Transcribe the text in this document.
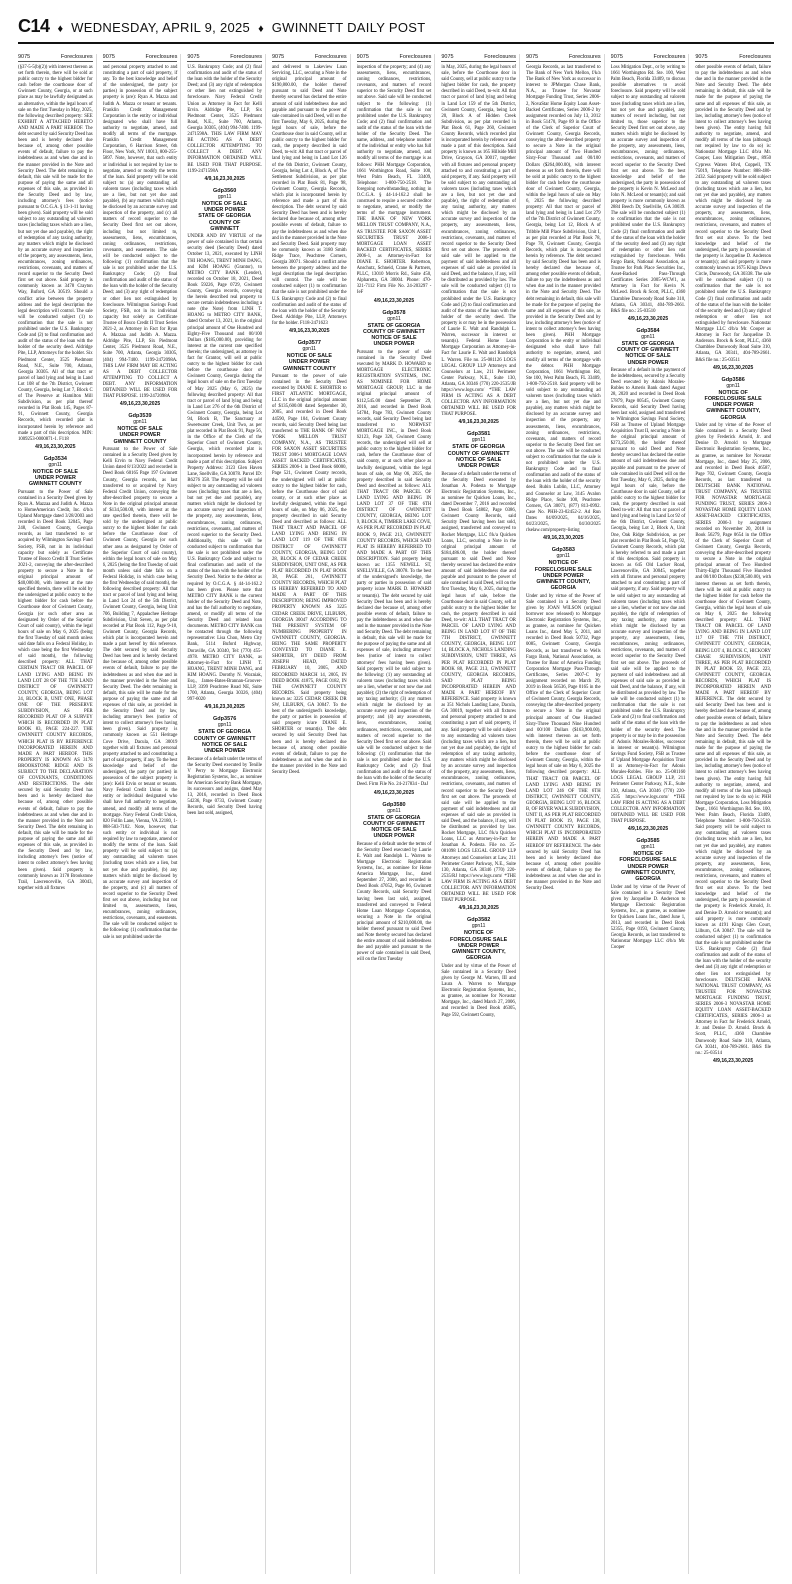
C14 ♦ WEDNESDAY, APRIL 9, 2025 ♦ GWINNETT DAILY POST
9075	Foreclosures

(§37-5-5(b)(2)) with interest thereon as set forth therein, there will be sold at public outcry to the highest bidder for cash before the courthouse door of Gwinnett County, Georgia, or at such place as may be lawfully designated as an alternative, within the legal hours of sale on the first Tuesday in May, 2025, the following described property: SEE EXHIBIT A ATTACHED HERETO AND MADE A PART HEREOF. The debt secured by said Security Deed has been and is hereby declared due because of, among other possible events of default, failure to pay the indebtedness as and when due and in the manner provided in the Note and Security Deed. The debt remaining in default, this sale will be made for the purpose of paying the same and all expenses of this sale, as provided in the Security Deed and by law, including attorney's fees (notice pursuant to O.C.G.A. § 13-1-11 having been given). Said property will be sold subject to any outstanding ad valorem taxes (including taxes which are a lien, but not yet due and payable), the right of redemption of any taxing authority, any matters which might be disclosed by an accurate survey and inspection of the property, any assessments, liens, encumbrances, zoning ordinances, restrictions, covenants, and matters of record superior to the Security Deed first set out above. Said property is commonly known as 3478 Crayton Way, Buford, GA 30519. Should a conflict arise between the property address and the legal description the legal description will control. The sale will be conducted subject (1) to confirmation that the sale is not prohibited under the U.S. Bankruptcy Code and (2) to final confirmation and audit of the status of the loan with the holder of the security deed. Aldridge Pite, LLP, Attorneys for the holder. Six Piedmont Center, 3525 Piedmont Road, N.E., Suite 700, Atlanta, Georgia 30305. All of that tract or parcel of land lying and being in Land Lot 108 of the 7th District, Gwinnett County, Georgia, being Lot 7, Block C of The Preserve at Hamilton Mill Subdivision, as per plat thereof recorded in Plat Book 145, Pages 87-91, Gwinnett County, Georgia Records, which recorded plat is incorporated herein by reference and made a part of this description. MIN: 1009253-0000871-1. F118

4/9,16,23,30,2025
Gdp3534
gpn11
NOTICE OF SALE
UNDER POWER
GWINNETT COUNTY

Pursuant to the Power of Sale contained in a Security Deed given by Ryan A. Mazzaa and Judith A. Mazza to HomeAmerican Credit, Inc. d/b/a Upland Mortgage dated 3/28/2003 and recorded in Deed Book 32045, Page 248, Gwinnett County, Georgia records, as last transferred to or acquired by Wilmington Savings Fund Society, FSB, not in its individual capacity but solely as Certificate Trustee of Bosco Credit II Trust Series 2021-2, conveying the after-described property to secure a Note in the original principal amount of $40,000.00, with interest at the rate specified therein, there will be sold by the undersigned at public outcry to the highest bidder for cash before the Courthouse door of Gwinnett County, Georgia (or such other area as designated by Order of the Superior Court of said county), within the legal hours of sale on May 6, 2025 (being the first Tuesday of said month unless said date falls on a Federal Holiday, in which case being the first Wednesday of said month), the following described property: ALL THAT CERTAIN TRACT OR PARCEL OF LAND LYING AND BEING IN LAND LOT 28 OF THE 7TH LAND DISTRICT OF GWINNETT COUNTY, GEORGIA, BEING LOT 24, BLOCK B, UNIT ONE, PHASE ONE OF THE PRESERVE SUBDIVISION, AS PER RECORDED PLAT OF A SURVEY WHICH IS RECORDED IN PLAT BOOK 83, PAGE 224-227. THE GWINNETT COUNTY RECORDS, WHICH PLAT IS BY REFERENCE INCORPORATED HEREIN AND MADE A PART HEREOF. THIS PROPERTY IS KNOWN AS 3178 BROOKSTONE RIDGE AND IS SUBJECT TO THE DECLARATION OF COVENANTS, CONDITIONS AND RESTRICTIONS. The debt secured by said Security Deed has been and is hereby declared due because of, among other possible events of default, failure to pay the indebtedness as and when due and in the manner provided in the Note and Security Deed. The debt remaining in default, this sale will be made for the purpose of paying the same and all expenses of this sale, as provided in the Security Deed and by law, including attorney's fees (notice of intent to collect attorney's fees having been given). Said property is commonly known as 3178 Brookstone Trail, Lawrenceville, GA 30043, together with all fixtures

9075	Foreclosures

and personal property attached to and constituting a part of said property, if any. To the best knowledge and belief of the undersigned, the party (or parties) in possession of the subject property is (are): Ryan A. Mazza and Judith A. Mazza or tenant or tenants. Franklin Credit Management Corporation is the entity or individual designated who shall have full authority to negotiate, amend, and modify all terms of the mortgage. Franklin Credit Management Corporation, 6 Harrison Street, 6th Floor, New York, NY 10013, 800-255-5897. Note, however, that such entity or individual is not required by law to negotiate, amend or modify the terms of the loan. Said property will be sold subject to: (a) any outstanding ad valorem taxes (including taxes which are a lien, but not yet due and payable), (b) any matters which might be disclosed by an accurate survey and inspection of the property, and (c) all matters of record superior to the Security Deed first set out above, including but not limited to, assessments, liens, encumbrances, zoning ordinances, restrictions, covenants, and easements. The sale will be conducted subject to the following: (1) confirmation that the sale is not prohibited under the U.S. Bankruptcy Code; (2) final confirmation and audit of the status of the loan with the holder of the Security Deed; and (3) any right of redemption or other lien not extinguished by foreclosure. Wilmington Savings Fund Society, FSB, not in its individual capacity but solely as Certificate Trustee of Bosco Credit II Trust Series 2021-2, as Attorney in Fact for Ryan A. Mazzaa and Judith A. Mazza. Aldridge Pite, LLP, Six Piedmont Center, 3525 Piedmont Road, N.E., Suite 700, Atlanta, Georgia 30305, (404) 994-7400. 1199-2472098A. THIS LAW FIRM MAY BE ACTING AS A DEBT COLLECTOR ATTEMPTING TO COLLECT A DEBT. ANY INFORMATION OBTAINED WILL BE USED FOR THAT PURPOSE. 1199-2472098A

4/9,16,23,30,2025
Gdp3539
gpn11
NOTICE OF SALE
UNDER POWER
GWINNETT COUNTY

Pursuant to the Power of Sale contained in a Security Deed given by Kelli Ervin to Navy Federal Credit Union dated 8/13/2022 and recorded in Deed Book 60165 Page 197 Gwinnett County, Georgia records, as last transferred to or acquired by Navy Federal Credit Union, conveying the after-described property to secure a Note in the original principal amount of $134,500.00, with interest at the rate specified therein, there will be sold by the undersigned at public outcry to the highest bidder for cash before the Courthouse door of Gwinnett County, Georgia (or such other area as designated by Order of the Superior Court of said county), within the legal hours of sale on May 6, 2025 (being the first Tuesday of said month unless said date falls on a Federal Holiday, in which case being the first Wednesday of said month), the following described property: All that tract or parcel of land lying and being in Land Lot 24 of the 5th District, Gwinnett County, Georgia, being Unit 706, Building 7, Appalachee Heritage Subdivision, Unit Seven, as per plat recorded at Plat Book 112, Page 9-10, Gwinnett County, Georgia Records, which plat is incorporated herein and made a part hereof by this reference. The debt secured by said Security Deed has been and is hereby declared due because of, among other possible events of default, failure to pay the indebtedness as and when due and in the manner provided in the Note and Security Deed. The debt remaining in default, this sale will be made for the purpose of paying the same and all expenses of this sale, as provided in the Security Deed and by law, including attorney's fees (notice of intent to collect attorney's fees having been given). Said property is commonly known as 551 Heritage Cove Drive, Dacula, GA 30019 together with all fixtures and personal property attached to and constituting a part of said property, if any. To the best knowledge and belief of the undersigned, the party (or parties) in possession of the subject property is (are): Kelli Ervin or tenant or tenants. Navy Federal Credit Union is the entity or individual designated who shall have full authority to negotiate, amend, and modify all terms of the mortgage. Navy Federal Credit Union, 820 Follin Lane, Vienna, VA 22180, 1-888-503-7102. Note, however, that such entity or individual is not required by law to negotiate, amend or modify the terms of the loan. Said property will be sold subject to: (a) any outstanding ad valorem taxes (including taxes which are a lien, but not yet due and payable), (b) any matters which might be disclosed by an accurate survey and inspection of the property, and (c) all matters of record superior to the Security Deed first set out above, including but not limited to, assessments, liens, encumbrances, zoning ordinances, restrictions, covenants, and easements. The sale will be conducted subject to the following: (1) confirmation that the sale is not prohibited under the

9075	Foreclosures

U.S. Bankruptcy Code; and (2) final confirmation and audit of the status of the loan with the holder of the Security Deed; and (3) any right of redemption or other lien not extinguished by foreclosure. Navy Federal Credit Union as Attorney in Fact for Kelli Ervin. Aldridge Pite, LLP, Six Piedmont Center, 3525 Piedmont Road, N.E., Suite 700, Atlanta, Georgia 30305, (404) 994-7400. 1199-2471598A. THIS LAW FIRM MAY BE ACTING AS A DEBT COLLECTOR ATTEMPTING TO COLLECT A DEBT. ANY INFORMATION OBTAINED WILL BE USED FOR THAT PURPOSE. 1199-2471598A

4/9,16,23,30,2025
Gdp3560
gpn11
NOTICE OF SALE
UNDER POWER
STATE OF GEORGIA
COUNTY OF
GWINNETT

UNDER AND BY VIRTUE of the power of sale contained in that certain security deed (Security Deed) dated October 13, 2021, executed by LINH THI HOANG, TRENT MINH DANG, and KIM HOANG (Grantor), to METRO CITY BANK (Lender), recorded on October 18, 2021, Deed Book 59226, Page 0729, Gwinnett County, Georgia records, conveying the herein described real property to secure certain indebtedness including a note (the Note) from LINH T. HOANG to METRO CITY BANK, dated October 13, 2021, in the original principal amount of One Hundred and Eighty-Five Thousand and 00/100 Dollars ($185,000.00), providing for interest at the current rate specified therein; the undersigned, as attorney in fact for Grantor, will sell at public outcry to the highest bidder for cash before the courthouse door of Gwinnett County, Georgia during the legal hours of sale on the first Tuesday of May 2025 (May 6, 2025) the following described property: All that tract or parcel of land lying and being in Land Lot 276 of the 6th District of Gwinnett County, Georgia, being Lot 94, Block B, The Sanctuary at Sweetwater Creek, Unit Two, as per plat recorded in Plat Book 91, Page 56, in the Office of the Clerk of the Superior Court of Gwinnett County, Georgia, which recorded plat is incorporated herein by reference and made a part of this description. Subject Property Address: 3123 Glen Haven Lane, Snellville, GA 30078. Parcel ID: R6276 358. The Property will be sold subject to any outstanding ad valorem taxes (including taxes that are a lien, but not yet due and payable), any matters which might be disclosed by an accurate survey and inspection of the property, any assessments, liens, encumbrances, zoning ordinances, restrictions, covenants, and matters of record superior to the Security Deed. Additionally, this sale will be conducted subject to confirmation that the sale is not prohibited under the U.S. Bankruptcy Code and subject to final confirmation and audit of the status of the loan with the holder of the Security Deed. Notice to the debtor as required by O.C.G.A. § 44-14-162.2 has been given. Please note that METRO CITY BANK is the current holder of the Security Deed and Note, and has the full authority to negotiate, amend, or modify all terms of the Security Deed and related loan documents. METRO CITY BANK can be contacted through the following representative: Lisa Chon, Metro City Bank, 5114 Buford Highway, Doraville, GA 30340, Tel: (770) 455-4978. METRO CITY BANK, as Attorney-in-Fact for LINH T. HOANG, TRENT MINH DANG, and KIM HOANG. Dorothy N. Wozniak, Esq., James-Bates-Brannan-Groover-LLP, 3399 Peachtree Road NE, Suite 1700, Atlanta, Georgia 30326, (404) 997-6020

4/9,16,23,30,2025
Gdp3576
gpn11
STATE OF GEORGIA
COUNTY OF GWINNETT
NOTICE OF SALE
UNDER POWER

Because of a default under the terms of the Security Deed executed by Tenille V Perry to Mortgage Electronic Registration Systems, Inc., as nominee for American Security Bank Mortgage, its successors and assigns, dated May 13, 2016, recorded in Deed Book 54236, Page 0733, Gwinnett County Records, said Security Deed having been last sold, assigned,

9075	Foreclosures

and delivered to Lakeview Loan Servicing, LLC, securing a Note in the original principal amount of $190,800.00, the holder thereof pursuant to said Deed and Note thereby secured has declared the entire amount of said indebtedness due and payable and pursuant to the power of sale contained in said Deed, will on the first Tuesday, May 6, 2025, during the legal hours of sale, before the Courthouse door in said County, sell at public outcry to the highest bidder for cash, the property described in said Deed, to-wit: All that tract or parcel of land lying and being in Land Lot 126 of the 6th District, Gwinnett County, Georgia, being Lot 4, Block A, of The Settlement Subdivision, as per plat recorded in Plat Book 81, Page 98, Gwinnett County, Georgia Records, which plat is incorporated herein by reference and made a part of this description. The debt secured by said Security Deed has been and is hereby declared due because of, among other possible events of default, failure to pay the indebtedness as and when due and in the manner provided in the Note and Security Deed. Said property may be commonly known as 3180 Smith Ridge Trace, Peachtree Corners, Georgia 30071. Should a conflict arise between the property address and the legal description the legal description will control. The sale will be conducted subject (1) to confirmation that the sale is not prohibited under the U.S. Bankruptcy Code and (2) to final confirmation and audit of the status of the loan with the holder of the Security Deed. Aldridge Pite, LLP, Attorneys for the holder. F118-2471623

4/9,16,23,30,2025
Gdp3577
gpn11
NOTICE OF SALE
UNDER POWER
GWINNETT COUNTY

Pursuant to the power of sale contained in the Security Deed executed by DIANE E. SHORTER to FIRST ATLANTIC MORTGAGE, LLC in the original principal amount of $135,600.00 dated September 30, 2005, and recorded in Deed Book 44590, Page 104, Gwinnett County records, said Security Deed being last transferred to THE BANK OF NEW YORK MELLON TRUST COMPANY, N.A., AS TRUSTEE FOR SAXON ASSET SECURITIES TRUST 2006-1 MORTGAGE LOAN ASSET BACKED CERTIFICATES, SERIES 2006-1 in Deed Book 60000, Page 521, Gwinnett County records, the undersigned will sell at public outcry to the highest bidder for cash, before the Courthouse door of said county, or at such other place as lawfully designated, within the legal hours of sale, on May 06, 2025, the property described in said Security Deed and described as follows: ALL THAT TRACT AND PARCEL OF LAND LYING AND BEING IN LAND LOT 119 OF THE 6TH DISTRICT OF GWINNETT COUNTY, GEORGIA, BEING LOT 28, BLOCK A OF CEDAR CREEK SUBDIVISION, UNIT ONE, AS PER PLAT RECORDED IN PLAT BOOK 38, PAGE 261, GWINNETT COUNTY RECORDS, WHICH PLAT IS HEREBY REFERRED TO AND MADE A PART OF THIS DESCRIPTION; BEING IMPROVED PROPERTY KNOWN AS 3225 CEDAR CREEK DRIVE, LILBURN, GEORGIA 30047 ACCORDING TO THE PRESENT SYSTEM OF NUMBERING PROPERTY IN GWINNETT COUNTY, GEORGIA. BEING THE SAME PROPERTY CONVEYED TO DIANE E. SHORTER, BY DEED FROM JOSEPH HEAD, DATED FEBRUARY 10, 2005, AND RECORDED MARCH 14, 2005, IN DEED BOOK 41875, PAGE 0182, IN THE GWINNETT COUNTY RECORDS. Said property being known as: 3225 CEDAR CREEK DR SW, LILBURN, GA 30047. To the best of the undersigned's knowledge, the party or parties in possession of said property is/are DIANE E. SHORTER or tenant(s). The debt secured by said Security Deed has been and is hereby declared due because of, among other possible events of default, failure to pay the indebtedness as and when due and in the manner provided in the Note and Security Deed.

9075	Foreclosures

inspection of the property; and (4) any assessments, liens, encumbrances, zoning ordinances, restrictions, covenants, and matters of record superior to the Security Deed first set out above. Said sale will be conducted subject to the following: (1) confirmation that the sale is not prohibited under the U.S. Bankruptcy Code; and (2) final confirmation and audit of the status of the loan with the holder of the Security Deed. The name, address, and telephone number of the individual or entity who has full authority to negotiate, amend, and modify all terms of the mortgage is as follows: PHH Mortgage Corporation, 1661 Worthington Road, Suite 100, West Palm Beach, FL 33409, Telephone: 1-800-750-2518. The foregoing notwithstanding, nothing in O.C.G.A. § 44-14-162.2 shall be construed to require a secured creditor to negotiate, amend, or modify the terms of the mortgage instrument. THE BANK OF NEW YORK MELLON TRUST COMPANY, N.A., AS TRUSTEE FOR SAXON ASSET SECURITIES TRUST 2006-1 MORTGAGE LOAN ASSET BACKED CERTIFICATES, SERIES 2006-1, as Attorney-in-Fact for DIANE E. SHORTER. Robertson, Anschutz, Schneid, Crane & Partners, PLLC, 13010 Morris Rd., Suite 450, Alpharetta, GA 30004. Phone: 470-321-7112 Firm File No. 24-203297 - JeF

4/9,16,23,30,2025
Gdp3578
gpn11
STATE OF GEORGIA
COUNTY OF GWINNETT
NOTICE OF SALE
UNDER POWER

Pursuant to the power of sale contained in the Security Deed executed by MARK D. HOWARD to MORTGAGE ELECTRONIC REGISTRATION SYSTEMS, INC. AS NOMINEE FOR HOME MORTGAGE GROUP, LLC in the original principal amount of $112,545.00 dated September 29, 2016, and recorded in Deed Book 54784, Page 783, Gwinnett County records, said Security Deed being last transferred to NORWEST MORTGAGE INC., in Deed Book 62123, Page 320, Gwinnett County records, the undersigned will sell at public outcry to the highest bidder for cash, before the Courthouse door of said county, or at such other place as lawfully designated, within the legal hours of sale, on May 06, 2025, the property described in said Security Deed and described as follows: ALL THAT TRACT OR PARCEL OF LAND LYING AND BEING IN LAND LOT 37 OF THE 6TH DISTRICT OF GWINNETT COUNTY, GEORGIA, BEING LOT 9, BLOCK A, TIMBER LAKE COVE, AS PER PLAT RECORDED IN PLAT BOOK 9, PAGE 213, GWINNETT COUNTY RECORDS, WHICH SAID PLAT IS HEREBY REFERRED TO AND MADE A PART OF THIS DESCRIPTION. Said property being known as: 1355 NEWELL ST, SNELLVILLE, GA 30078. To the best of the undersigned's knowledge, the party or parties in possession of said property is/are MARK D. HOWARD or tenant(s). The debt secured by said Security Deed has been and is hereby declared due because of, among other possible events of default, failure to pay the indebtedness as and when due and in the manner provided in the Note and Security Deed. The debt remaining in default, this sale will be made for the purpose of paying the same and all expenses of sale, including attorneys' fees (notice of intent to collect attorneys' fees having been given). Said property will be sold subject to the following: (1) any outstanding ad valorem taxes (including taxes which are a lien, whether or not now due and payable); (2) the right of redemption of any taxing authority; (3) any matters which might be disclosed by an accurate survey and inspection of the property; and (4) any assessments, liens, encumbrances, zoning ordinances, restrictions, covenants, and matters of record superior to the Security Deed first set out above. Said sale will be conducted subject to the following: (1) confirmation that the sale is not prohibited under the U.S. Bankruptcy Code; and (2) final confirmation and audit of the status of the loan with the holder of the Security Deed. Firm File No. 24-217834 - DaJ

4/9,16,23,30,2025
Gdp3580
gpn11
STATE OF GEORGIA
COUNTY OF GWINNETT
NOTICE OF SALE
UNDER POWER

Because of a default under the terms of the Security Deed executed by Laurie E. Walt and Randolph L. Warren to Mortgage Electronic Registration Systems, Inc., as nominee for Home America Mortgage, Inc., dated September 27, 2006, and recorded in Deed Book 47052, Page 86, Gwinnett County Records, said Security Deed having been last sold, assigned, transferred and conveyed to Federal Home Loan Mortgage Corporation, securing a Note in the original principal amount of $210,000.00, the holder thereof pursuant to said Deed and Note thereby secured has declared the entire amount of said indebtedness due and payable and pursuant to the power of sale contained in said Deed, will on the first Tuesday

9075	Foreclosures

in May, 2025, during the legal hours of sale, before the Courthouse door in said County, sell at public outcry to the highest bidder for cash, the property described in said Deed, to-wit: All that tract or parcel of land lying and being in Land Lot 159 of the 5th District, Gwinnett County, Georgia, being Lot 20, Block A of Hidden Creek Subdivision, as per plat recorded in Plat Book 61, Page 260, Gwinnett County Records, which recorded plat is incorporated herein by reference and made a part of this description. Said property is known as 165 Hillside Mill Drive, Grayson, GA 30017, together with all fixtures and personal property attached to and constituting a part of said property, if any. Said property will be sold subject to any outstanding ad valorem taxes (including taxes which are a lien, but not yet due and payable), the right of redemption of any taxing authority, any matters which might be disclosed by an accurate survey and inspection of the property, any assessments, liens, encumbrances, zoning ordinances, restrictions, covenants, and matters of record superior to the Security Deed first set out above. The proceeds of said sale will be applied to the payment of said indebtedness and all expenses of said sale as provided in said Deed, and the balance, if any, will be distributed as provided by law. The sale will be conducted subject (1) to confirmation that the sale is not prohibited under the U.S. Bankruptcy Code and (2) to final confirmation and audit of the status of the loan with the holder of the security deed. The property is or may be in the possession of Laurie E. Walt and Randolph L. Warren, successor in interest or tenant(s). Federal Home Loan Mortgage Corporation as Attorney-in-Fact for Laurie E. Walt and Randolph L. Warren. File no. 25-081126 LOGS LEGAL GROUP LLP Attorneys and Counselors at Law, 211 Perimeter Center Parkway, N.E., Suite 130, Atlanta, GA 30346 (770) 220-2535/JB https://www.logs.com/ *THE LAW FIRM IS ACTING AS A DEBT COLLECTOR. ANY INFORMATION OBTAINED WILL BE USED FOR THAT PURPOSE.

4/9,16,23,30,2025
Gdp3581
gpn11
STATE OF GEORGIA
COUNTY OF GWINNETT
NOTICE OF SALE
UNDER POWER

Because of a default under the terms of the Security Deed executed by Jonathan A. Podesta to Mortgage Electronic Registration Systems, Inc., as nominee for Quicken Loans, Inc., dated December 7, 2016 and recorded in Deed Book 54802, Page 0386, Gwinnett County Records, said Security Deed having been last sold, assigned, transferred and conveyed to Rocket Mortgage, LLC f/k/a Quicken Loans, LLC, securing a Note in the original principal amount of $184,486.00, the holder thereof pursuant to said Deed and Note thereby secured has declared the entire amount of said indebtedness due and payable and pursuant to the power of sale contained in said Deed, will on the first Tuesday, May 6, 2025, during the legal hours of sale, before the Courthouse door in said County, sell at public outcry to the highest bidder for cash, the property described in said Deed, to-wit: ALL THAT TRACT OR PARCEL OF LAND LYING AND BEING IN LAND LOT 67 OF THE 7TH DISTRICT, GWINNETT COUNTY, GEORGIA, BEING LOT 14, BLOCK A, NICHOLS LANDING SUBDIVISION, UNIT THREE, AS PER PLAT RECORDED IN PLAT BOOK 88, PAGE 213, GWINNETT COUNTY, GEORGIA RECORDS, SAID PLAT BEING INCORPORATED HEREIN AND MADE A PART HEREOF BY REFERENCE. Said property is known as 351 Nichols Landing Lane, Dacula, GA 30019, together with all fixtures and personal property attached to and constituting a part of said property, if any. Said property will be sold subject to any outstanding ad valorem taxes (including taxes which are a lien, but not yet due and payable), the right of redemption of any taxing authority, any matters which might be disclosed by an accurate survey and inspection of the property, any assessments, liens, encumbrances, zoning ordinances, restrictions, covenants, and matters of record superior to the Security Deed first set out above. The proceeds of said sale will be applied to the payment of said indebtedness and all expenses of said sale as provided in said Deed, and the balance, if any, will be distributed as provided by law. Rocket Mortgage, LLC f/k/a Quicken Loans, LLC as Attorney-in-Fact for Jonathan A. Podesta. File no. 25-081098 LOGS LEGAL GROUP LLP Attorneys and Counselors at Law, 211 Perimeter Center Parkway, N.E., Suite 130, Atlanta, GA 30346 (770) 220-2535/RJ https://www.logs.com/ *THE LAW FIRM IS ACTING AS A DEBT COLLECTOR. ANY INFORMATION OBTAINED WILL BE USED FOR THAT PURPOSE.

4/9,16,23,30,2025
Gdp3582
gpn11
NOTICE OF
FORECLOSURE SALE
UNDER POWER
GWINNETT COUNTY,
GEORGIA

Under and by virtue of the Power of Sale contained in a Security Deed given by George M. Warren, III and Laura A. Warren to Mortgage Electronic Registration Systems, Inc., as grantee, as nominee for Novastar Mortgage, Inc., dated March 27, 2006, and recorded in Deed Book 46305, Page 592, Gwinnett County,

9075	Foreclosures

Georgia Records, as last transferred to The Bank of New York Mellon, f/k/a The Bank of New York as successor in interest to JPMorgan Chase Bank, N.A., as Trustee for Novastar Mortgage Funding Trust, Series 2006-2, NovaStar Home Equity Loan Asset-Backed Certificates, Series 2006-2 by assignment recorded on July 13, 2012 in Book 51470, Page 89 in the Office of the Clerk of Superior Court of Gwinnett County, Georgia Records, conveying the after-described property to secure a Note in the original principal amount of Two Hundred Sixty-Four Thousand and 00/100 Dollars ($264,000.00), with interest thereon as set forth therein, there will be sold at public outcry to the highest bidder for cash before the courthouse door of Gwinnett County, Georgia, within the legal hours of sale on May 6, 2025 the following described property: All that tract or parcel of land lying and being in Land Lot 279 of the 7th District of Gwinnett County, Georgia, being Lot 12, Block A of Tribble Mill Place Subdivision, Unit I, as per plat recorded at Plat Book 78, Page 78, Gwinnett County, Georgia Records, which plat is incorporated herein by reference. The debt secured by said Security Deed has been and is hereby declared due because of, among other possible events of default, failure to pay the indebtedness as and when due and in the manner provided in the Note and Security Deed. The debt remaining in default, this sale will be made for the purpose of paying the same and all expenses of this sale, as provided in the Security Deed and by law, including attorney's fees (notice of intent to collect attorney's fees having been given). PHH Mortgage Corporation is the entity or individual designated who shall have full authority to negotiate, amend, and modify all terms of the mortgage with the debtor. PHH Mortgage Corporation, 1661 Worthington Rd, Ste 100, West Palm Beach, FL 33409, 1-800-750-2518. Said property will be sold subject to any outstanding ad valorem taxes (including taxes which are a lien, but not yet due and payable), any matters which might be disclosed by an accurate survey and inspection of the property, any assessments, liens, encumbrances, zoning ordinances, restrictions, covenants, and matters of record superior to the Security Deed first set out above. The sale will be conducted subject to confirmation that the sale is not prohibited under the U.S. Bankruptcy Code and to final confirmation and audit of the status of the loan with the holder of the security deed. Rubin Lublin, LLC, Attorney and Counselor at Law, 3145 Avalon Ridge Place, Suite 100, Peachtree Corners, GA 30071, (877) 813-0992. Case No. PHH-23-02452-2. Ad Run Dates 04/09/2025, 04/16/2025, 04/23/2025, 04/30/2025 rlselaw.com/property-listing

4/9,16,23,30,2025
Gdp3583
gpn11
NOTICE OF
FORECLOSURE SALE
UNDER POWER
GWINNETT COUNTY,
GEORGIA

Under and by virtue of the Power of Sale contained in a Security Deed given by JOAN WILSON (original borrower now released) to Mortgage Electronic Registration Systems, Inc., as grantee, as nominee for Quicken Loans Inc., dated May 5, 2011, and recorded in Deed Book 50732, Page 0085, Gwinnett County, Georgia Records, as last transferred to Wells Fargo Bank, National Association, as Trustee for Banc of America Funding Corporation Mortgage Pass-Through Certificates, Series 2007-C by assignment recorded on March 29, 2019 in Book 56536, Page 0165 in the Office of the Clerk of Superior Court of Gwinnett County, Georgia Records, conveying the after-described property to secure a Note in the original principal amount of One Hundred Sixty-Three Thousand Nine Hundred and 00/100 Dollars ($163,900.00), with interest thereon as set forth therein, there will be sold at public outcry to the highest bidder for cash before the courthouse door of Gwinnett County, Georgia, within the legal hours of sale on May 6, 2025 the following described property: ALL THAT TRACT OR PARCEL OF LAND LYING AND BEING IN LAND LOT 246 OF THE 6TH DISTRICT, GWINNETT COUNTY, GEORGIA, BEING LOT 16, BLOCK B, OF RIVER WALK SUBDIVISION, UNIT II, AS PER PLAT RECORDED IN PLAT BOOK 19, PAGE 138, GWINNETT COUNTY RECORDS, WHICH PLAT IS INCORPORATED HEREIN AND MADE A PART HEREOF BY REFERENCE. The debt secured by said Security Deed has been and is hereby declared due because of, among other possible events of default, failure to pay the indebtedness as and when due and in the manner provided in the Note and Security Deed.

9075	Foreclosures

Loss Mitigation Dept., or by writing to 1661 Worthington Rd. Ste. 100, West Palm Beach, Florida 33409, to discuss possible alternatives to avoid foreclosure. Said property will be sold subject to any outstanding ad valorem taxes (including taxes which are a lien, but not yet due and payable), any matters of record including, but not limited to, those superior to the Security Deed first set out above, any matters which might be disclosed by an accurate survey and inspection of the property, any assessments, liens, encumbrances, zoning ordinances, restrictions, covenants, and matters of record superior to the Security Deed first set out above. To the best knowledge and belief of the undersigned, the party in possession of the property is Kevin N. McLeod and John N. McLeod or tenant(s); and said property is more commonly known as 2884 Beech Dr, Snellville, GA 30039. The sale will be conducted subject (1) to confirmation that the sale is not prohibited under the U.S. Bankruptcy Code (2) final confirmation and audit of the status of the loan with the holder of the security deed and (3) any right of redemption or other lien not extinguished by foreclosure. Wells Fargo Bank, National Association, as Trustee for Park Place Securities Inc., Asset-Backed Pass-Through Certificates Series 2005-WCW1, as Attorney in Fact for Kevin N. McLeod. Brock & Scott, PLLC, 4360 Chamblee Dunwoody Road Suite 310, Atlanta, GA 30341, 404-789-2661. B&S file no.: 25-03510

4/9,16,23,30,2025
Gdp3584
gpn11
STATE OF GEORGIA
COUNTY OF GWINNETT
NOTICE OF SALE
UNDER POWER

Because of a default in the payment of the indebtedness, secured by a Security Deed executed by Adonis Morales-Robles to Ameris Bank dated August 28, 2020 and recorded in Deed Book 57879, Page 00545, Gwinnett County Records, said Security Deed having been last sold, assigned and transferred to Wilmington Savings Fund Society, FSB as Trustee of Upland Mortgage Acquisition Trust II, securing a Note in the original principal amount of $273,250.00, the holder thereof pursuant to said Deed and Note thereby secured has declared the entire amount of said indebtedness due and payable and pursuant to the power of sale contained in said Deed will on the first Tuesday, May 6, 2025, during the legal hours of sale, before the Courthouse door in said County, sell at public outcry to the highest bidder for cash, the property described in said Deed to-wit: All that tract or parcel of land lying and being in Land Lot 92 of the 6th District, Gwinnett County, Georgia, being Lot 2, Block A, Unit One, Oak Ridge Subdivision, as per plat recorded in Plat Book 54, Page 92, Gwinnett County Records, which plat is hereby referred to and made a part of this description. Said property is known as 645 Old Lucker Road, Lawrenceville, GA 30045, together with all fixtures and personal property attached to and constituting a part of said property, if any. Said property will be sold subject to any outstanding ad valorem taxes (including taxes which are a lien, whether or not now due and payable), the right of redemption of any taxing authority, any matters which might be disclosed by an accurate survey and inspection of the property, any assessments, liens, encumbrances, zoning ordinances, restrictions, covenants, and matters of record superior to the Security Deed first set out above. The proceeds of said sale will be applied to the payment of said indebtedness and all expenses of said sale as provided in said Deed, and the balance, if any, will be distributed as provided by law. The sale will be conducted subject (1) to confirmation that the sale is not prohibited under the U.S. Bankruptcy Code and (2) to final confirmation and audit of the status of the loan with the holder of the security deed. The property is or may be in the possession of Adonis Morales-Robles, successor in interest or tenant(s). Wilmington Savings Fund Society, FSB as Trustee of Upland Mortgage Acquisition Trust II as Attorney-in-Fact for Adonis Morales-Robles. File no. 25-081160 LOGS LEGAL GROUP LLP, 211 Perimeter Center Parkway, N.E., Suite 130, Atlanta, GA 30346 (770) 220-2535 https://www.logs.com/ *THE LAW FIRM IS ACTING AS A DEBT COLLECTOR. ANY INFORMATION OBTAINED WILL BE USED FOR THAT PURPOSE.

4/9,16,23,30,2025
Gdp3585
gpn11
NOTICE OF
FORECLOSURE SALE
UNDER POWER
GWINNETT COUNTY,
GEORGIA

Under and by virtue of the Power of Sale contained in a Security Deed given by Jacqueline D. Anderson to Mortgage Electronic Registration Systems, Inc., as grantee, as nominee for Quicken Loans Inc., dated June 1, 2013, and recorded in Deed Book 52355, Page 0193, Gwinnett County, Georgia Records, as last transferred to Nationstar Mortgage LLC d/b/a Mr. Cooper

9075	Foreclosures

other possible events of default, failure to pay the indebtedness as and when due and in the manner provided in the Note and Security Deed. The debt remaining in default, this sale will be made for the purpose of paying the same and all expenses of this sale, as provided in the Security Deed and by law, including attorney's fees (notice of intent to collect attorney's fees having been given). The entity having full authority to negotiate, amend, and modify all terms of the loan (although not required by law to do so) is: Nationstar Mortgage LLC d/b/a Mr. Cooper, Loss Mitigation Dept., 8950 Cypress Waters Blvd, Coppell, TX 75019, Telephone Number: 888-480-2432. Said property will be sold subject to any outstanding ad valorem taxes (including taxes which are a lien, but not yet due and payable), any matters which might be disclosed by an accurate survey and inspection of the property, any assessments, liens, encumbrances, zoning ordinances, restrictions, covenants, and matters of record superior to the Security Deed first set out above. To the best knowledge and belief of the undersigned, the party in possession of the property is Jacqueline D. Anderson or tenant(s); and said property is more commonly known as 1675 Kings Down Circle, Dunwoody, GA 30338. The sale will be conducted subject (1) to confirmation that the sale is not prohibited under the U.S. Bankruptcy Code (2) final confirmation and audit of the status of the loan with the holder of the security deed and (3) any right of redemption or other lien not extinguished by foreclosure. Nationstar Mortgage LLC d/b/a Mr. Cooper as Attorney in Fact for Jacqueline D. Anderson. Brock & Scott, PLLC, 4360 Chamblee Dunwoody Road Suite 310, Atlanta, GA 30341, 404-789-2661. B&S file no.: 25-03511

4/9,16,23,30,2025
Gdp3586
gpn11
NOTICE OF
FORECLOSURE SALE
UNDER POWER
GWINNETT COUNTY,
GEORGIA

Under and by virtue of the Power of Sale contained in a Security Deed given by Frederick Arnold, Jr. and Denise D. Arnold to Mortgage Electronic Registration Systems, Inc., as grantee, as nominee for Novastar Mortgage, Inc., dated May 25, 2006, and recorded in Deed Book 46587, Page 702, Gwinnett County, Georgia Records, as last transferred to DEUTSCHE BANK NATIONAL TRUST COMPANY, AS TRUSTEE FOR NOVASTAR MORTGAGE FUNDING TRUST, SERIES 2006-3 NOVASTAR HOME EQUITY LOAN ASSET-BACKED CERTIFICATES, SERIES 2006-3 by assignment recorded on November 20, 2018 in Book 56279, Page 0654 in the Office of the Clerk of Superior Court of Gwinnett County, Georgia Records, conveying the after-described property to secure a Note in the original principal amount of Two Hundred Thirty-Eight Thousand Five Hundred and 00/100 Dollars ($238,500.00), with interest thereon as set forth therein, there will be sold at public outcry to the highest bidder for cash before the courthouse door of Gwinnett County, Georgia, within the legal hours of sale on May 6, 2025 the following described property: ALL THAT TRACT OR PARCEL OF LAND LYING AND BEING IN LAND LOT 117 OF THE 7TH DISTRICT, GWINNETT COUNTY, GEORGIA, BEING LOT 4, BLOCK C, HICKORY CHASE SUBDIVISION, UNIT THREE, AS PER PLAT RECORDED IN PLAT BOOK 59, PAGE 223, GWINNETT COUNTY, GEORGIA RECORDS, WHICH PLAT IS INCORPORATED HEREIN AND MADE A PART HEREOF BY REFERENCE. The debt secured by said Security Deed has been and is hereby declared due because of, among other possible events of default, failure to pay the indebtedness as and when due and in the manner provided in the Note and Security Deed. The debt remaining in default, this sale will be made for the purpose of paying the same and all expenses of this sale, as provided in the Security Deed and by law, including attorney's fees (notice of intent to collect attorney's fees having been given). The entity having full authority to negotiate, amend, and modify all terms of the loan (although not required by law to do so) is: PHH Mortgage Corporation, Loss Mitigation Dept., 1661 Worthington Rd. Ste. 100, West Palm Beach, Florida 33409, Telephone Number: 1-800-750-2518. Said property will be sold subject to any outstanding ad valorem taxes (including taxes which are a lien, but not yet due and payable), any matters which might be disclosed by an accurate survey and inspection of the property, any assessments, liens, encumbrances, zoning ordinances, restrictions, covenants, and matters of record superior to the Security Deed first set out above. To the best knowledge and belief of the undersigned, the party in possession of the property is Frederick Arnold, Jr. and Denise D. Arnold or tenant(s); and said property is more commonly known as 4191 Kings Glen Court, Lilburn, GA 30047. The sale will be conducted subject (1) to confirmation that the sale is not prohibited under the U.S. Bankruptcy Code (2) final confirmation and audit of the status of the loan with the holder of the security deed and (3) any right of redemption or other lien not extinguished by foreclosure. DEUTSCHE BANK NATIONAL TRUST COMPANY, AS TRUSTEE FOR NOVASTAR MORTGAGE FUNDING TRUST, SERIES 2006-3 NOVASTAR HOME EQUITY LOAN ASSET-BACKED CERTIFICATES, SERIES 2006-3 as Attorney in Fact for Frederick Arnold, Jr. and Denise D. Arnold. Brock & Scott, PLLC, 4360 Chamblee Dunwoody Road Suite 310, Atlanta, GA 30341, 404-789-2661. B&S file no.: 25-03514

4/9,16,23,30,2025
